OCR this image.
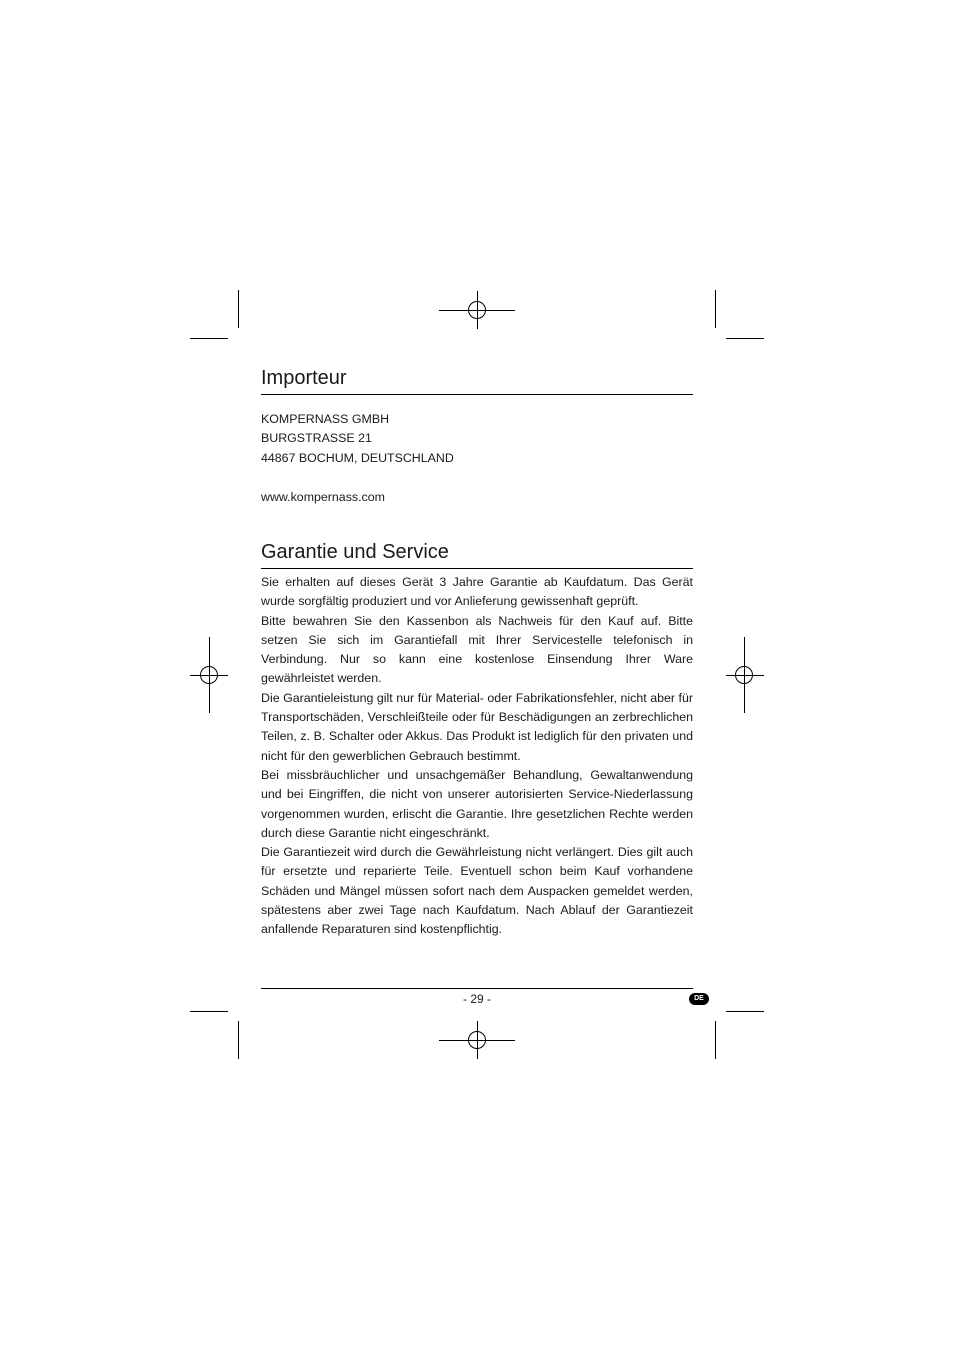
Importeur

KOMPERNASS GMBH

BURGSTRASSE 21

44867 BOCHUM, DEUTSCHLAND

www.kompernass.com

Garantie und Service

Sie erhalten auf dieses Gerät 3 Jahre Garantie ab Kaufdatum. Das Gerät wurde sorgfältig produziert und vor Anlieferung gewissenhaft geprüft.

Bitte bewahren Sie den Kassenbon als Nachweis für den Kauf auf. Bitte setzen Sie sich im Garantiefall mit Ihrer Servicestelle telefonisch in Verbindung. Nur so kann eine kostenlose Einsendung Ihrer Ware gewährleistet werden.

Die Garantieleistung gilt nur für Material- oder Fabrikationsfehler, nicht aber für Transportschäden, Verschleißteile oder für Beschädigungen an zerbrechlichen Teilen, z. B. Schalter oder Akkus. Das Produkt ist lediglich für den privaten und nicht für den gewerblichen Gebrauch bestimmt.

Bei missbräuchlicher und unsachgemäßer Behandlung, Gewaltanwendung und bei Eingriffen, die nicht von unserer autorisierten Service-Niederlassung vorgenommen wurden, erlischt die Garantie. Ihre gesetzlichen Rechte werden durch diese Garantie nicht eingeschränkt.

Die Garantiezeit wird durch die Gewährleistung nicht verlängert. Dies gilt auch für ersetzte und reparierte Teile. Eventuell schon beim Kauf vorhandene Schäden und Mängel müssen sofort nach dem Auspacken gemeldet werden, spätestens aber zwei Tage nach Kaufdatum. Nach Ablauf der Garantiezeit anfallende Reparaturen sind kostenpflichtig.

- 29 -	DE
